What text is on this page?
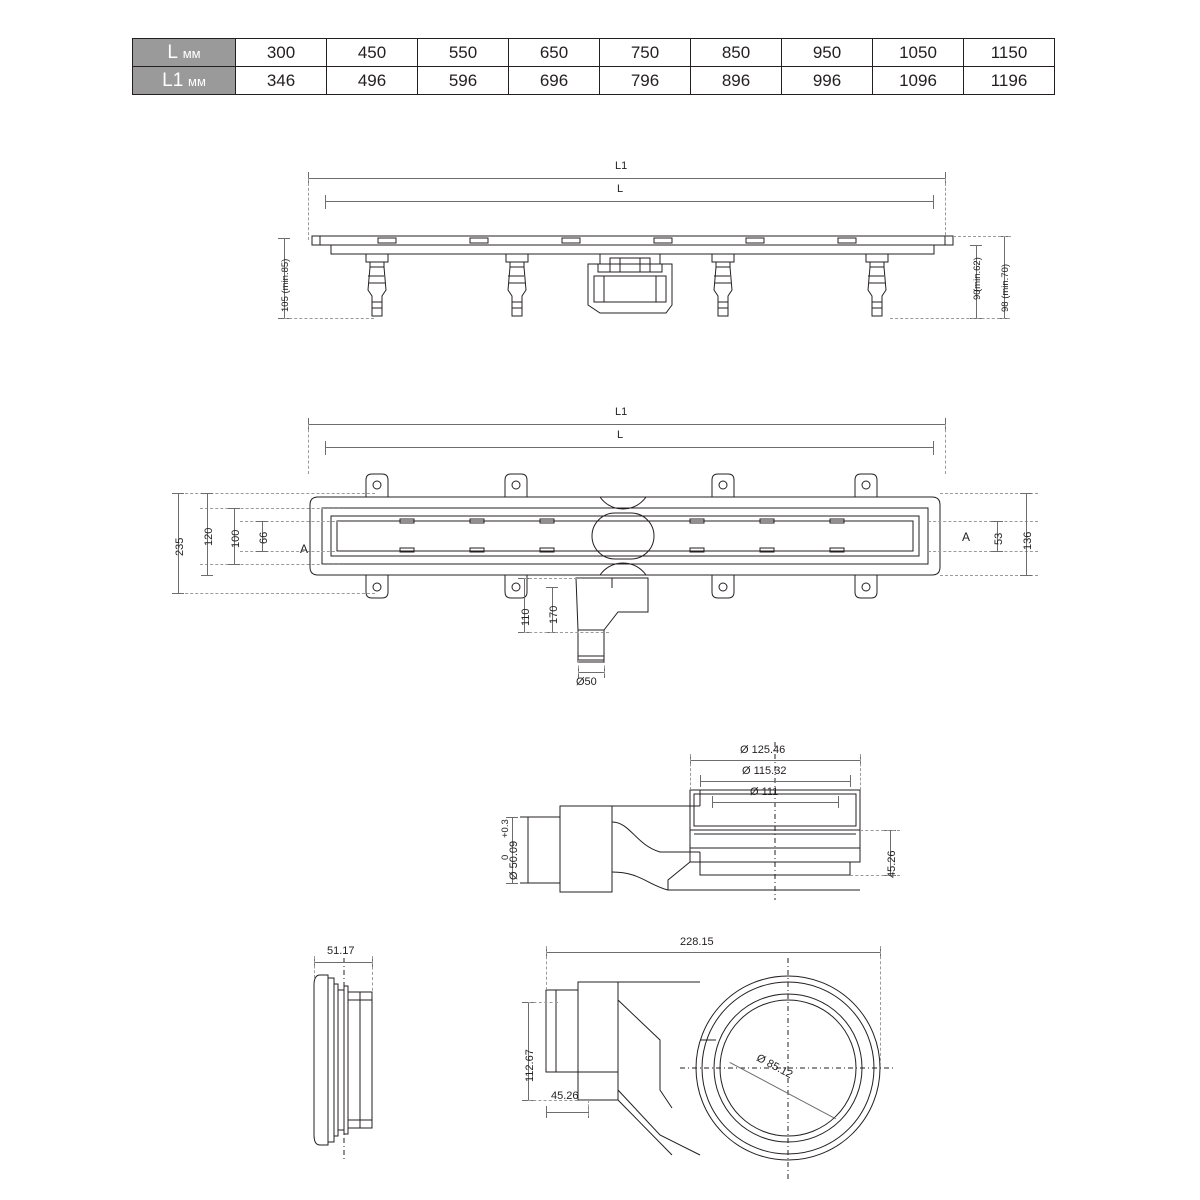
L мм	300	450	550	650	750	850	950	1050	1150
L1 мм	346	496	596	696	796	896	996	1096	1196
L1
L
105 (min.85)	90
(min.62) 98 (min.70)
L1
L
235
120 100 66	53 136
A
A
170
110
Ø50
Ø 125.46
Ø 115.32
Ø 111
Ø 50.09
+0.3
0	45.26
51.17
228.15
112.67
45.26
Ø 85.12
